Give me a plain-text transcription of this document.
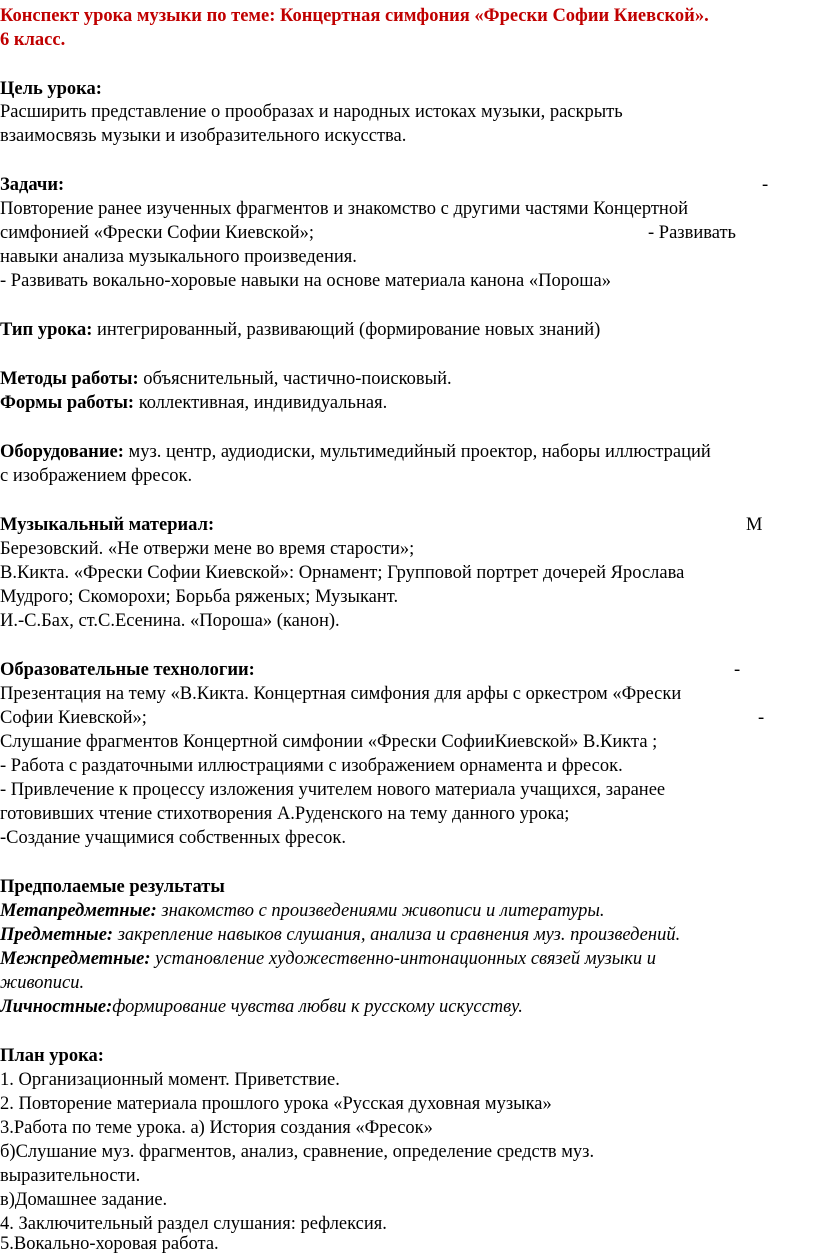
Конспект урока музыки по теме: Концертная симфония «Фрески Софии Киевской».
6 класс.
Цель урока:
Расширить представление о прообразах и народных истоках музыки, раскрыть
взаимосвязь музыки и изобразительного искусства.
Задачи:	-
Повторение ранее изученных фрагментов и знакомство с другими частями Концертной
симфонией «Фрески Софии Киевской»;	- Развивать
навыки анализа музыкального произведения.
- Развивать вокально-хоровые навыки на основе материала канона «Пороша»
Тип урока: интегрированный, развивающий (формирование новых знаний)
Методы работы: объяснительный, частично-поисковый.
Формы работы: коллективная, индивидуальная.
Оборудование: муз. центр, аудиодиски, мультимедийный проектор, наборы иллюстраций
с изображением фресок.
Музыкальный материал:	М
Березовский. «Не отвержи мене во время старости»;
В.Кикта. «Фрески Софии Киевской»: Орнамент; Групповой портрет дочерей Ярослава
Мудрого; Скоморохи; Борьба ряженых; Музыкант.
И.-С.Бах, ст.С.Есенина. «Пороша» (канон).
Образовательные технологии:	-
Презентация на тему «В.Кикта. Концертная симфония для арфы с оркестром «Фрески
Софии Киевской»;	-
Слушание фрагментов Концертной симфонии «Фрески СофииКиевской» В.Кикта ;
- Работа с раздаточными иллюстрациями с изображением орнамента и фресок.
- Привлечение к процессу изложения учителем нового материала учащихся, заранее
готовивших чтение стихотворения А.Руденского на тему данного урока;
-Создание учащимися собственных фресок.
Предполаемые результаты
Метапредметные: знакомство с произведениями живописи и литературы.
Предметные: закрепление навыков слушания, анализа и сравнения муз. произведений.
Межпредметные: установление художественно-интонационных связей музыки и
живописи.
Личностные:формирование чувства любви к русскому искусству.
План урока:
1. Организационный момент. Приветствие.
2. Повторение материала прошлого урока «Русская духовная музыка»
3.Работа по теме урока. а) История создания «Фресок»
б)Слушание муз. фрагментов, анализ, сравнение, определение средств муз.
выразительности.
в)Домашнее задание.
4. Заключительный раздел слушания: рефлексия.
5.Вокально-хоровая работа.
